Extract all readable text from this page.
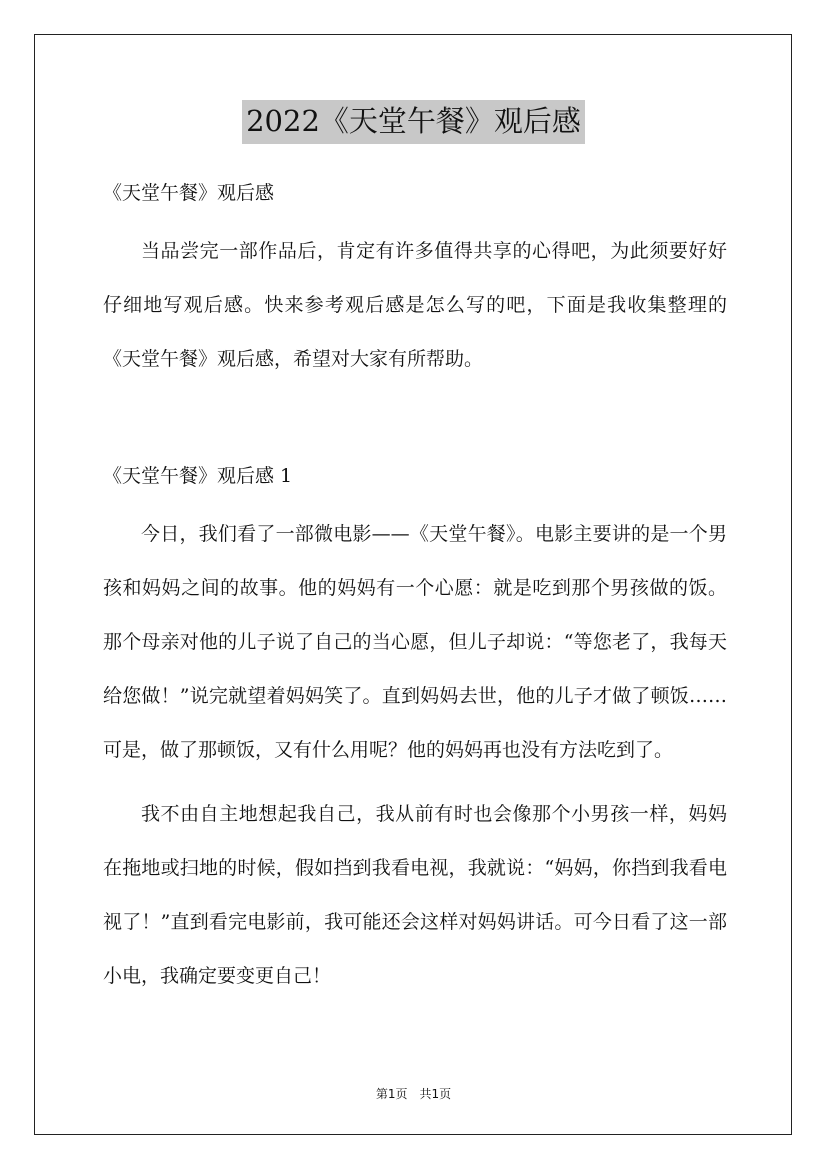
2022《天堂午餐》观后感

《天堂午餐》观后感

当品尝完一部作品后，肯定有许多值得共享的心得吧，为此须要好好仔细地写观后感。快来参考观后感是怎么写的吧，下面是我收集整理的《天堂午餐》观后感，希望对大家有所帮助。

《天堂午餐》观后感 1

今日，我们看了一部微电影——《天堂午餐》。电影主要讲的是一个男孩和妈妈之间的故事。他的妈妈有一个心愿：就是吃到那个男孩做的饭。那个母亲对他的儿子说了自己的当心愿，但儿子却说：“等您老了，我每天给您做！”说完就望着妈妈笑了。直到妈妈去世，他的儿子才做了顿饭……可是，做了那顿饭，又有什么用呢？他的妈妈再也没有方法吃到了。

我不由自主地想起我自己，我从前有时也会像那个小男孩一样，妈妈在拖地或扫地的时候，假如挡到我看电视，我就说：“妈妈，你挡到我看电视了！”直到看完电影前，我可能还会这样对妈妈讲话。可今日看了这一部小电，我确定要变更自己！

第1页　共1页
